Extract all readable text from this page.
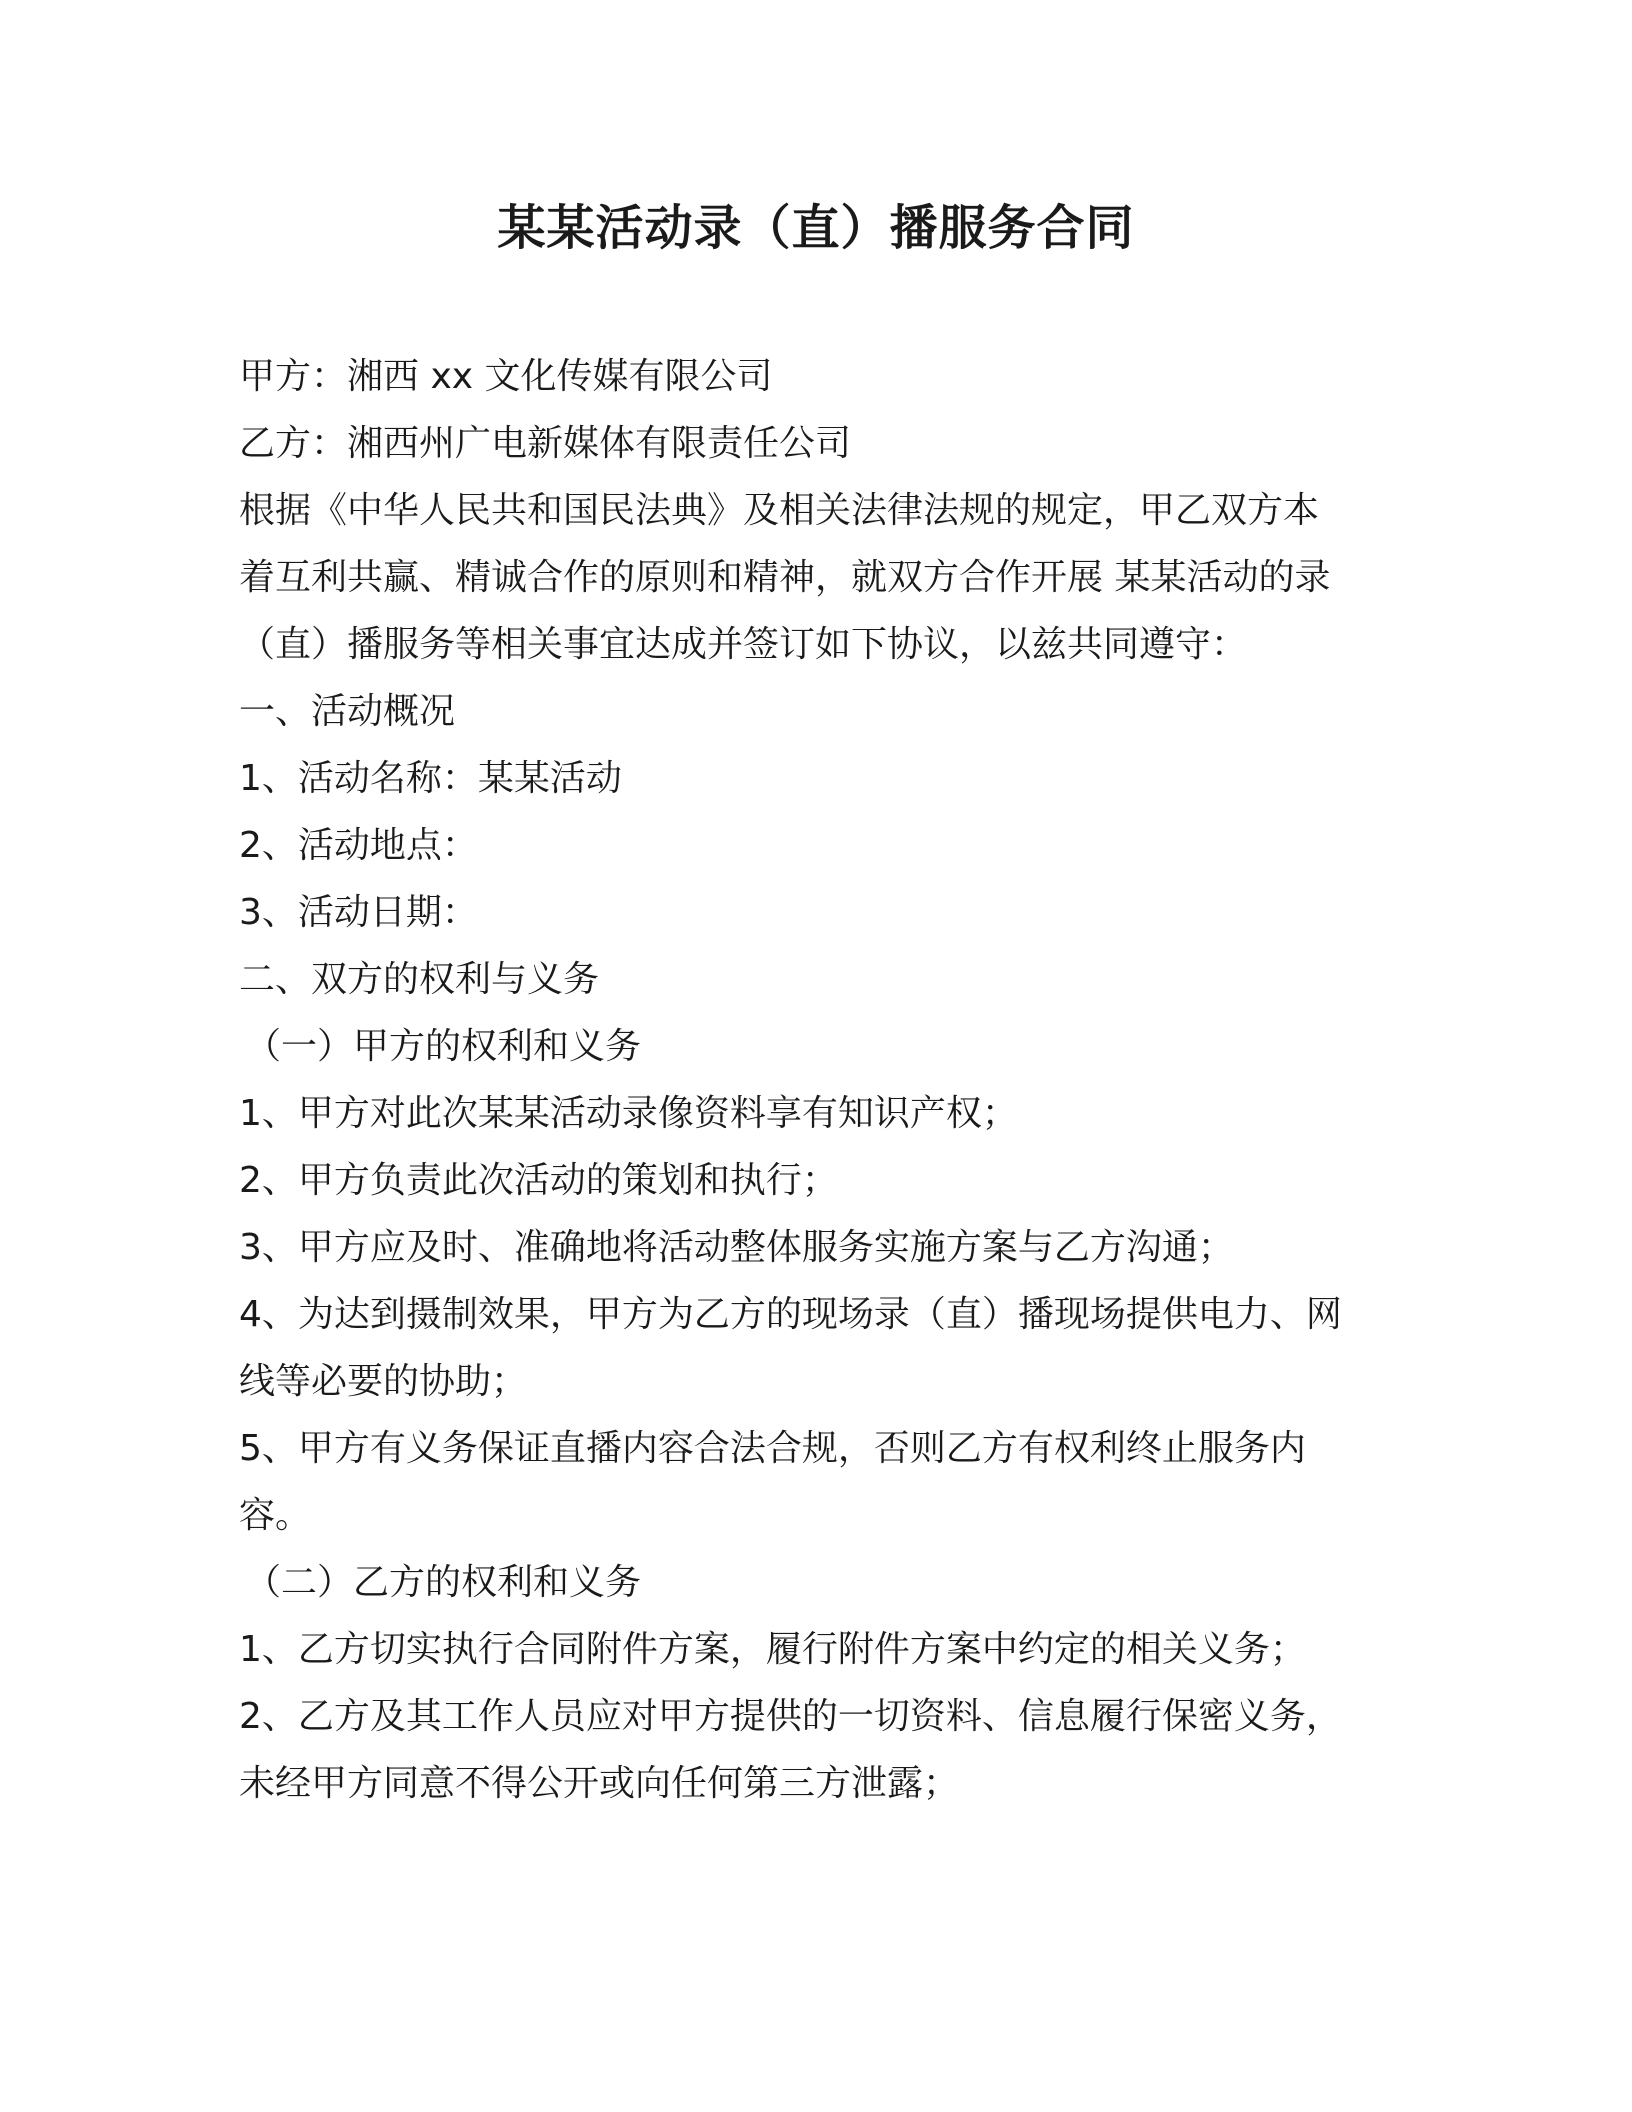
某某活动录（直）播服务合同
甲方：湘西 xx 文化传媒有限公司
乙方：湘西州广电新媒体有限责任公司
根据《中华人民共和国民法典》及相关法律法规的规定，甲乙双方本
着互利共赢、精诚合作的原则和精神，就双方合作开展 某某活动的录
（直）播服务等相关事宜达成并签订如下协议，以兹共同遵守：
一、活动概况
1、活动名称：某某活动
2、活动地点：
3、活动日期：
二、双方的权利与义务
（一）甲方的权利和义务
1、甲方对此次某某活动录像资料享有知识产权；
2、甲方负责此次活动的策划和执行；
3、甲方应及时、准确地将活动整体服务实施方案与乙方沟通；
4、为达到摄制效果，甲方为乙方的现场录（直）播现场提供电力、网
线等必要的协助；
5、甲方有义务保证直播内容合法合规，否则乙方有权利终止服务内
容。
（二）乙方的权利和义务
1、乙方切实执行合同附件方案，履行附件方案中约定的相关义务；
2、乙方及其工作人员应对甲方提供的一切资料、信息履行保密义务，
未经甲方同意不得公开或向任何第三方泄露；
